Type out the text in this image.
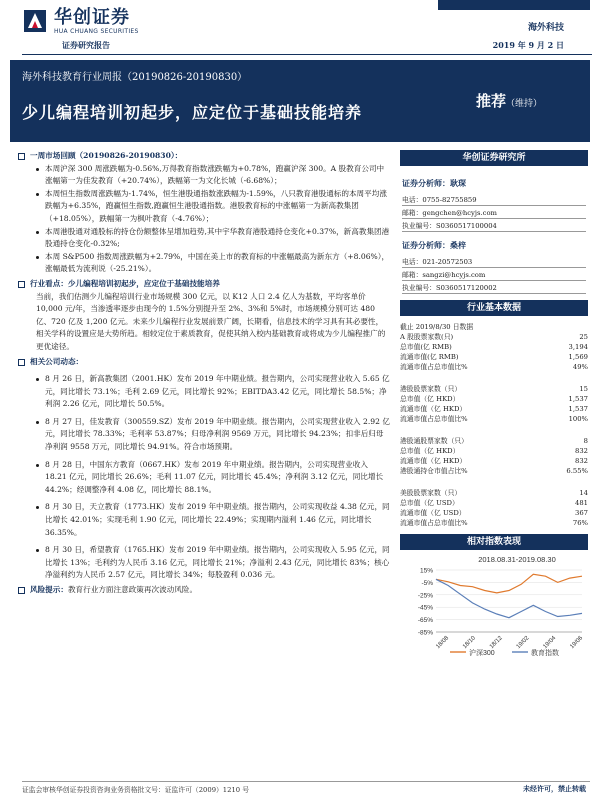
华创证券
HUA CHUANG SECURITIES
证券研究报告
海外科技
2019 年 9 月 2 日
海外科技教育行业周报（20190826-20190830）
少儿编程培训初起步，应定位于基础技能培养
推荐（维持）
一周市场回顾（20190826-20190830）：
本周沪深 300 周涨跌幅为-0.56%,万得教育指数涨跌幅为+0.78%，跑赢沪深 300。A 股教育公司中涨幅第一为佳发教育（+20.74%），跌幅第一为文化长城（-6.68%）；
本周恒生指数周涨跌幅为-1.74%，恒生港股通指数涨跌幅为-1.59%，八只教育港股通标的本周平均涨跌幅为+6.35%，跑赢恒生指数,跑赢恒生港股通指数。港股教育标的中涨幅第一为新高教集团（+18.05%），跌幅第一为枫叶教育（-4.76%）；
本周港股通对通股标的持仓份额整体呈增加趋势,其中宇华教育港股通持仓变化+0.37%，新高教集团港股通持仓变化-0.32%;
本周 S&P500 指数周涨跌幅为+2.79%，中国在美上市的教育标的中涨幅最高为新东方（+8.06%），涨幅最低为流利说（-25.21%）。
行业看点：少儿编程培训初起步，应定位于基础技能培养
当前，我们估测少儿编程培训行业市场规模 300 亿元，以 K12 人口 2.4 亿人为基数，平均客单价 10,000 元/年，当渗透率逐步由现今的 1.5%分别提升至 2%、3%和 5%时，市场规模分别可达 480 亿、720 亿及 1,200 亿元。未来少儿编程行业发展前景广阔，长期看，信息技术的学习具有其必要性，相关学科的设置应是大势所趋。相较定位于素质教育，促使其纳入校内基础教育或将成为少儿编程推广的更优途径。
相关公司动态：
8 月 26 日，新高教集团（2001.HK）发布 2019 年中期业绩。报告期内，公司实现营业收入 5.65 亿元，同比增长 73.1%；毛利 2.69 亿元，同比增长 92%；EBITDA3.42 亿元，同比增长 58.5%；净利润 2.26 亿元，同比增长 50.5%。
8 月 27 日，佳发教育（300559.SZ）发布 2019 年中期业绩。报告期内，公司实现营业收入 2.92 亿元，同比增长 78.33%；毛利率 53.87%；归母净利润 9569 万元，同比增长 94.23%；扣非后归母净利润 9558 万元，同比增长 94.91%。符合市场预期。
8 月 28 日，中国东方教育（0667.HK）发布 2019 年中期业绩。报告期内，公司实现营业收入 18.21 亿元，同比增长 26.6%；毛利 11.07 亿元，同比增长 45.4%；净利润 3.12 亿元，同比增长 44.2%；经调整净利 4.08 亿，同比增长 88.1%。
8 月 30 日，天立教育（1773.HK）发布 2019 年中期业绩。报告期内，公司实现收益 4.38 亿元，同比增长 42.01%；实现毛利 1.90 亿元，同比增长 22.49%；实现期内溢利 1.46 亿元，同比增长 36.35%。
8 月 30 日，希望教育（1765.HK）发布 2019 年中期业绩。报告期内，公司实现收入 5.95 亿元，同比增长 13%；毛利约为人民币 3.16 亿元，同比增长 21%；净溢利 2.43 亿元，同比增长 83%；核心净溢利约为人民币 2.57 亿元，同比增长 34%；每股盈利 0.036 元。
风险提示：教育行业方面注意政策再次波动风险。
华创证券研究所
证券分析师：耿琛
电话：0755-82755859
邮箱：gengchen@hcyjs.com
执业编号：S0360517100004
证券分析师：桑梓
电话：021-20572503
邮箱：sangzi@hcyjs.com
执业编号：S0360517120002
行业基本数据
截止 2019/8/30 日数据
A 股股票家数(只)	25
总市值(亿 RMB)	3,194
流通市值(亿 RMB)	1,569
流通市值占总市值比%	49%
港股股票家数（只）	15
总市值（亿 HKD）	1,537
流通市值（亿 HKD）	1,537
流通市值占总市值比%	100%
港股通股票家数（只）	8
总市值（亿 HKD）	832
流通市值（亿 HKD）	832
港股通持仓市值占比%	6.55%
美股股票家数（只）	14
总市值（亿 USD）	481
流通市值（亿 USD）	367
流通市值占总市值比%	76%
相对指数表现
2018.08.31-2019.08.30
15%
-5%
-25%
-45%
-65%
-85%
18/08 18/10 18/12 19/02 19/04 19/06
沪深300	教育指数
证监会审核华创证券投资咨询业务资格批文号：证监许可（2009）1210 号	未经许可，禁止转载
